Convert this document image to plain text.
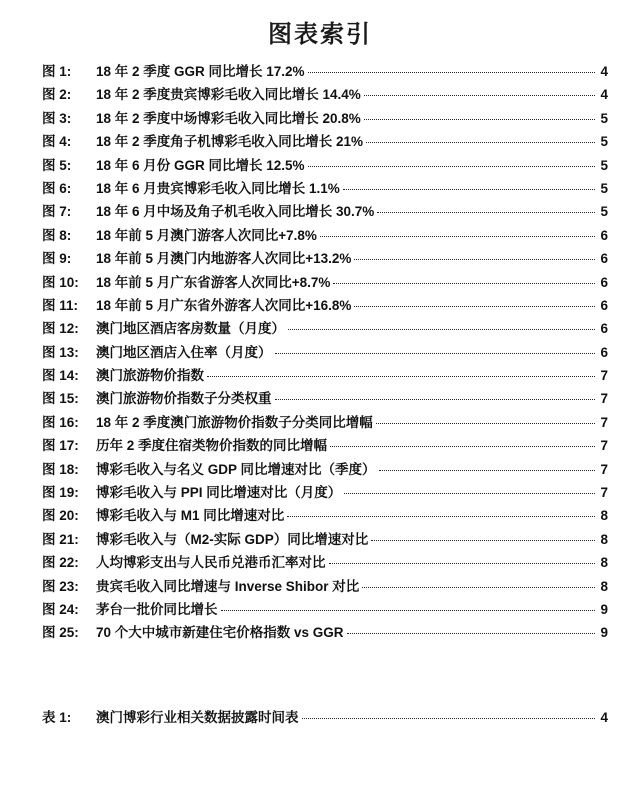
图表索引
图 1:	18 年 2 季度 GGR 同比增长 17.2%	4
图 2:	18 年 2 季度贵宾博彩毛收入同比增长 14.4%	4
图 3:	18 年 2 季度中场博彩毛收入同比增长 20.8%	5
图 4:	18 年 2 季度角子机博彩毛收入同比增长 21%	5
图 5:	18 年 6 月份 GGR 同比增长 12.5%	5
图 6:	18 年 6 月贵宾博彩毛收入同比增长 1.1%	5
图 7:	18 年 6 月中场及角子机毛收入同比增长 30.7%	5
图 8:	18 年前 5 月澳门游客人次同比+7.8%	6
图 9:	18 年前 5 月澳门内地游客人次同比+13.2%	6
图 10:	18 年前 5 月广东省游客人次同比+8.7%	6
图 11:	18 年前 5 月广东省外游客人次同比+16.8%	6
图 12:	澳门地区酒店客房数量（月度）	6
图 13:	澳门地区酒店入住率（月度）	6
图 14:	澳门旅游物价指数	7
图 15:	澳门旅游物价指数子分类权重	7
图 16:	18 年 2 季度澳门旅游物价指数子分类同比增幅	7
图 17:	历年 2 季度住宿类物价指数的同比增幅	7
图 18:	博彩毛收入与名义 GDP 同比增速对比（季度）	7
图 19:	博彩毛收入与 PPI 同比增速对比（月度）	7
图 20:	博彩毛收入与 M1 同比增速对比	8
图 21:	博彩毛收入与（M2-实际 GDP）同比增速对比	8
图 22:	人均博彩支出与人民币兑港币汇率对比	8
图 23:	贵宾毛收入同比增速与 Inverse Shibor 对比	8
图 24:	茅台一批价同比增长	9
图 25:	70 个大中城市新建住宅价格指数 vs GGR	9
表 1:	澳门博彩行业相关数据披露时间表	4
